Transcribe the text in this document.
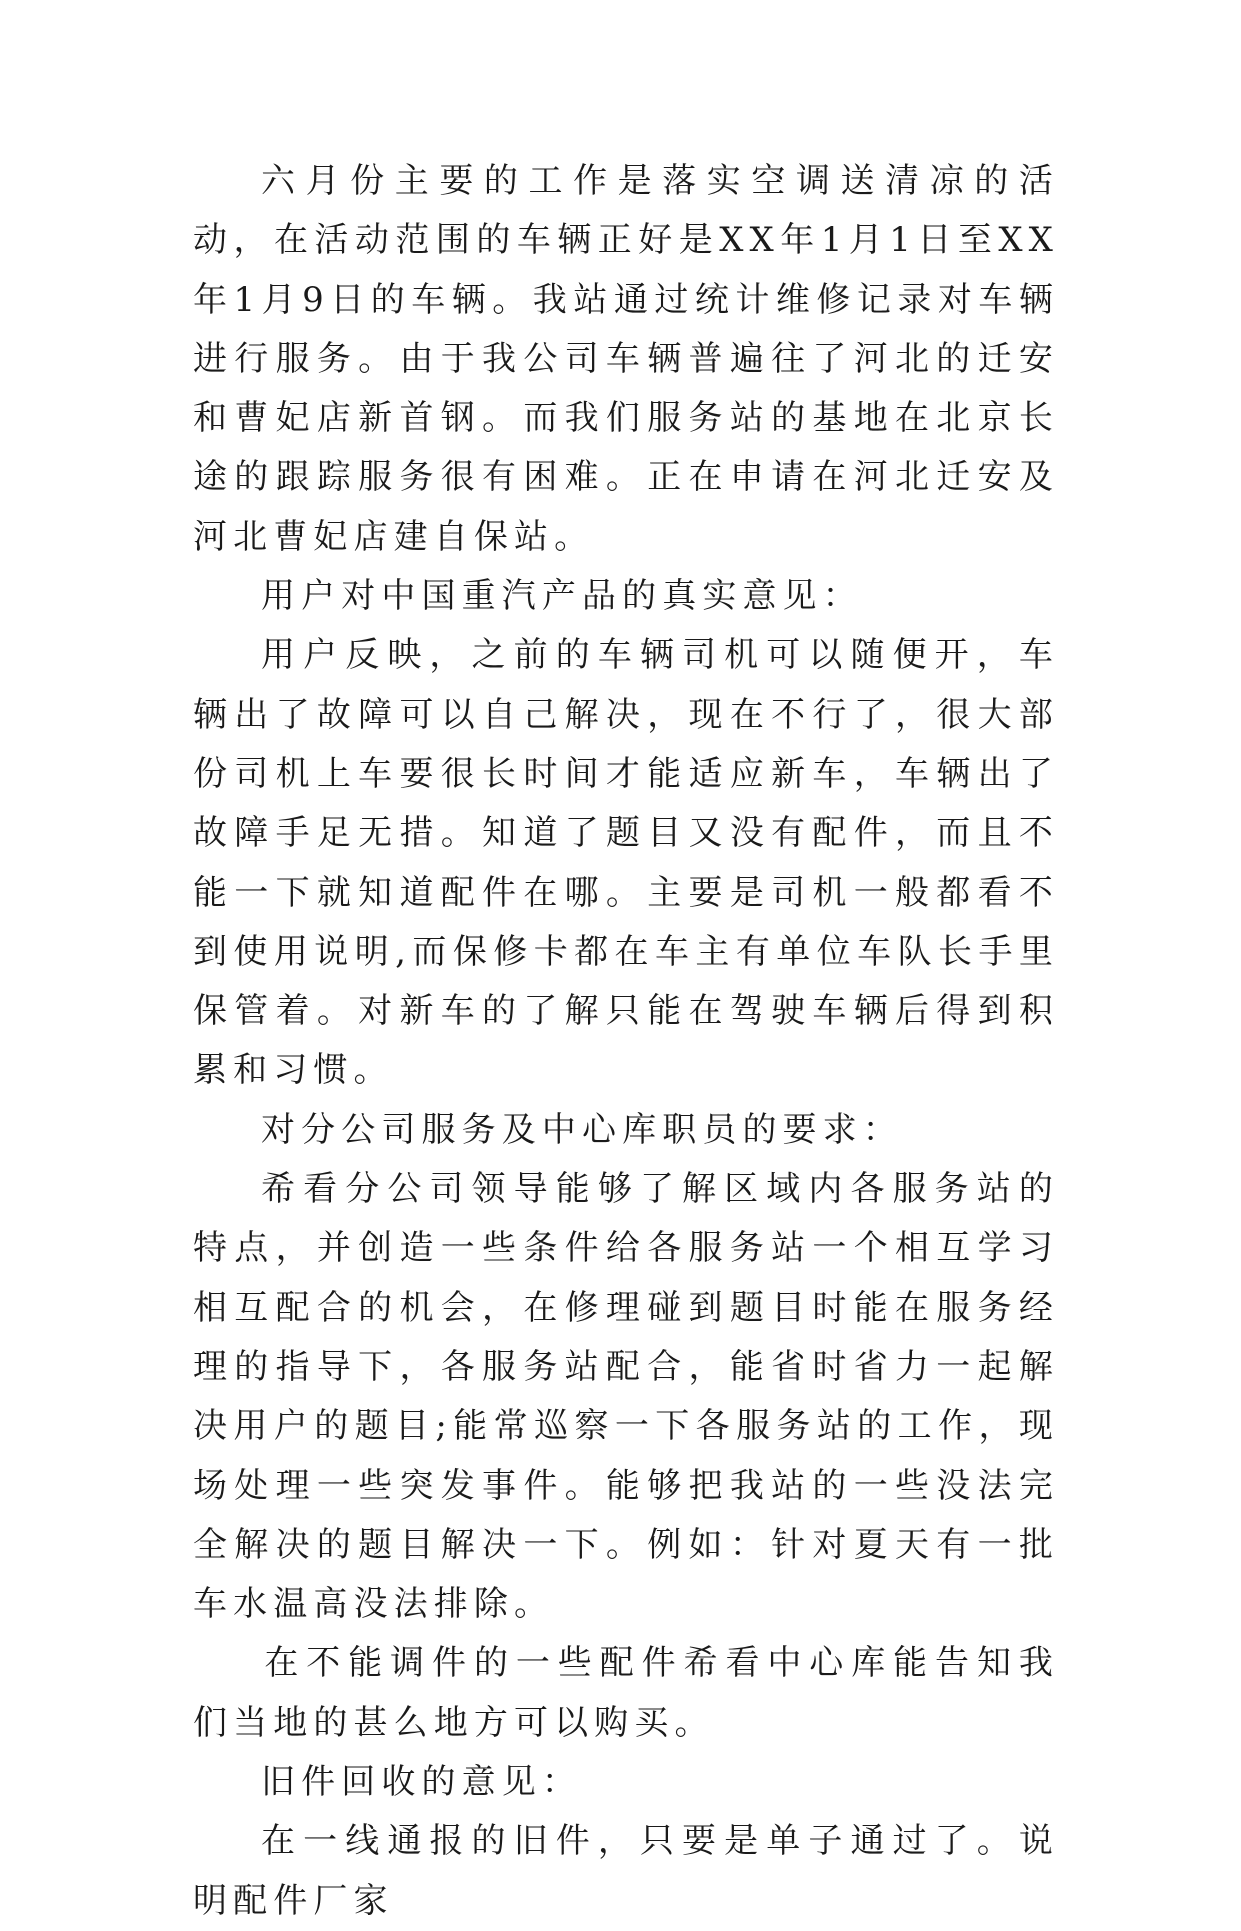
六月份主要的工作是落实空调送清凉的活动，在活动范围的车辆正好是XX年1月1日至XX年1月9日的车辆。我站通过统计维修记录对车辆进行服务。由于我公司车辆普遍往了河北的迁安和曹妃店新首钢。而我们服务站的基地在北京长途的跟踪服务很有困难。正在申请在河北迁安及河北曹妃店建自保站。

用户对中国重汽产品的真实意见：

用户反映，之前的车辆司机可以随便开，车辆出了故障可以自己解决，现在不行了，很大部份司机上车要很长时间才能适应新车，车辆出了故障手足无措。知道了题目又没有配件，而且不能一下就知道配件在哪。主要是司机一般都看不到使用说明,而保修卡都在车主有单位车队长手里保管着。对新车的了解只能在驾驶车辆后得到积累和习惯。

对分公司服务及中心库职员的要求：

希看分公司领导能够了解区域内各服务站的特点，并创造一些条件给各服务站一个相互学习相互配合的机会，在修理碰到题目时能在服务经理的指导下，各服务站配合，能省时省力一起解决用户的题目;能常巡察一下各服务站的工作，现场处理一些突发事件。能够把我站的一些没法完全解决的题目解决一下。例如：针对夏天有一批车水温高没法排除。

在不能调件的一些配件希看中心库能告知我们当地的甚么地方可以购买。

旧件回收的意见：

在一线通报的旧件，只要是单子通过了。说明配件厂家
